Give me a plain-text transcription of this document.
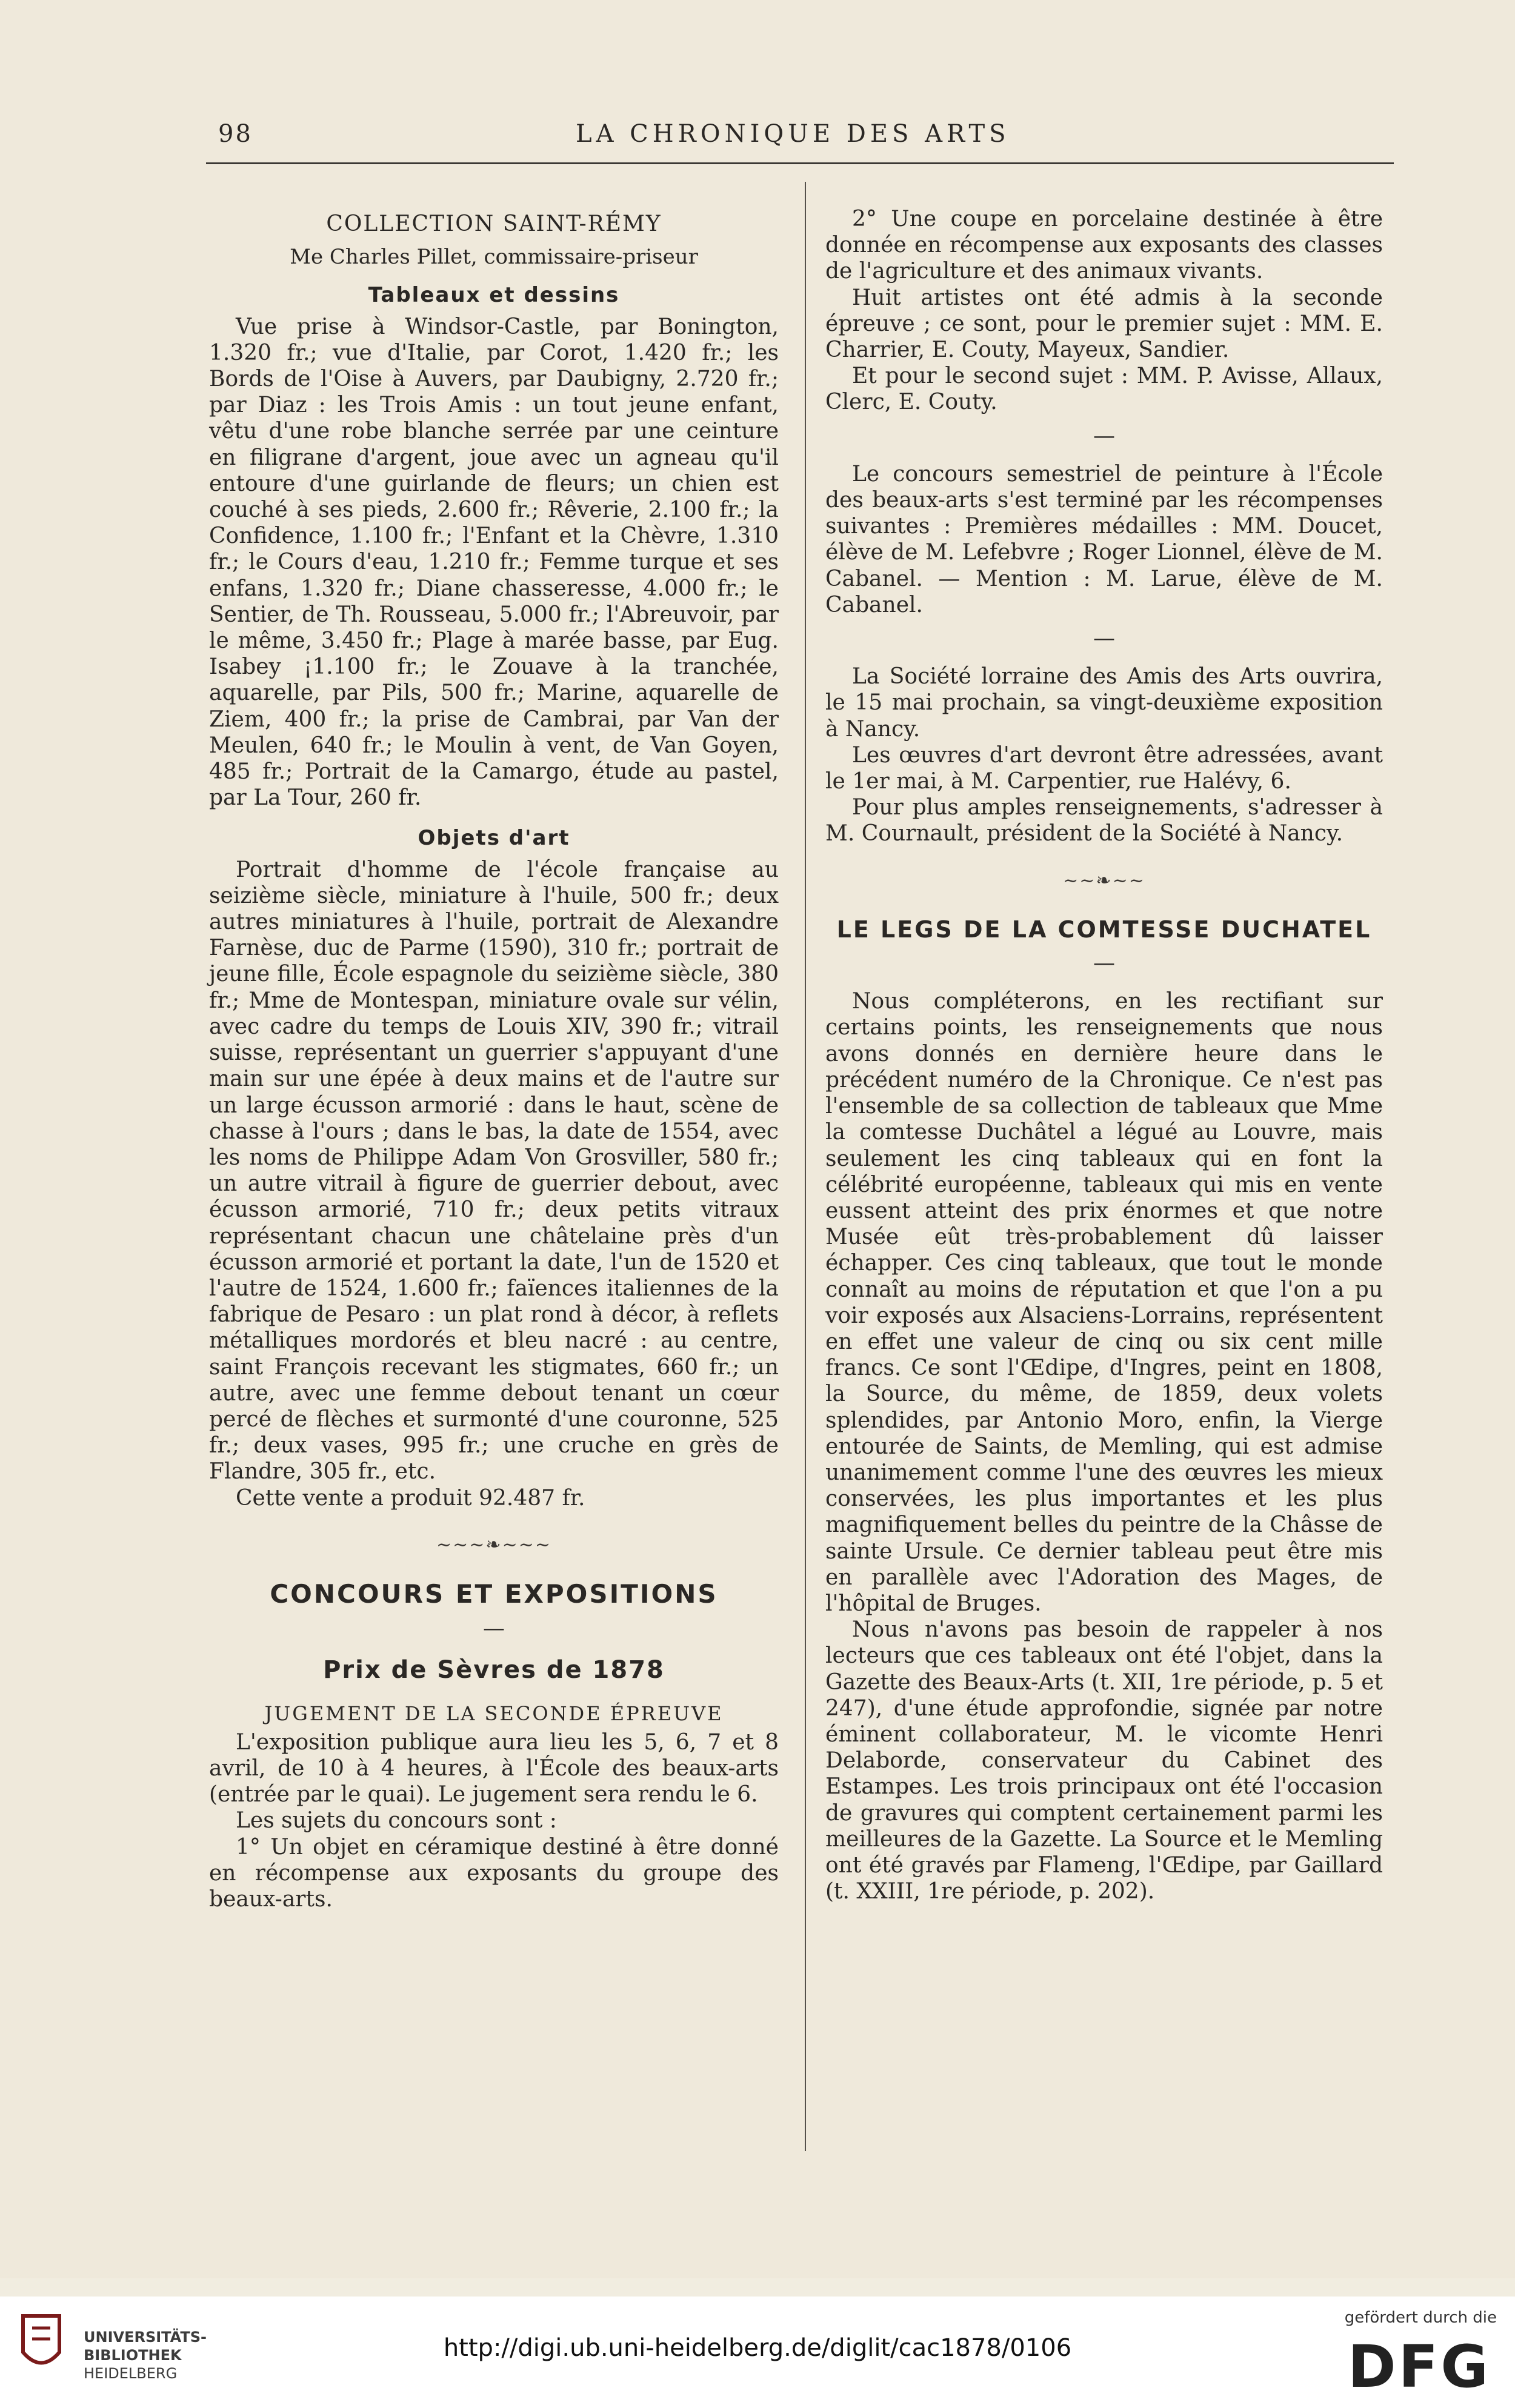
98	LA CHRONIQUE DES ARTS
COLLECTION SAINT-RÉMY
Me Charles Pillet, commissaire-priseur
Tableaux et dessins

Vue prise à Windsor-Castle, par Bonington, 1.320 fr.; vue d'Italie, par Corot, 1.420 fr.; les Bords de l'Oise à Auvers, par Daubigny, 2.720 fr.; par Diaz : les Trois Amis : un tout jeune enfant, vêtu d'une robe blanche serrée par une ceinture en filigrane d'argent, joue avec un agneau qu'il entoure d'une guirlande de fleurs; un chien est couché à ses pieds, 2.600 fr.; Rêverie, 2.100 fr.; la Confidence, 1.100 fr.; l'Enfant et la Chèvre, 1.310 fr.; le Cours d'eau, 1.210 fr.; Femme turque et ses enfans, 1.320 fr.; Diane chasseresse, 4.000 fr.; le Sentier, de Th. Rousseau, 5.000 fr.; l'Abreuvoir, par le même, 3.450 fr.; Plage à marée basse, par Eug. Isabey ¡1.100 fr.; le Zouave à la tranchée, aquarelle, par Pils, 500 fr.; Marine, aquarelle de Ziem, 400 fr.; la prise de Cambrai, par Van der Meulen, 640 fr.; le Moulin à vent, de Van Goyen, 485 fr.; Portrait de la Camargo, étude au pastel, par La Tour, 260 fr.

Objets d'art

Portrait d'homme de l'école française au seizième siècle, miniature à l'huile, 500 fr.; deux autres miniatures à l'huile, portrait de Alexandre Farnèse, duc de Parme (1590), 310 fr.; portrait de jeune fille, École espagnole du seizième siècle, 380 fr.; Mme de Montespan, miniature ovale sur vélin, avec cadre du temps de Louis XIV, 390 fr.; vitrail suisse, représentant un guerrier s'appuyant d'une main sur une épée à deux mains et de l'autre sur un large écusson armorié : dans le haut, scène de chasse à l'ours ; dans le bas, la date de 1554, avec les noms de Philippe Adam Von Grosviller, 580 fr.; un autre vitrail à figure de guerrier debout, avec écusson armorié, 710 fr.; deux petits vitraux représentant chacun une châtelaine près d'un écusson armorié et portant la date, l'un de 1520 et l'autre de 1524, 1.600 fr.; faïences italiennes de la fabrique de Pesaro : un plat rond à décor, à reflets métalliques mordorés et bleu nacré : au centre, saint François recevant les stigmates, 660 fr.; un autre, avec une femme debout tenant un cœur percé de flèches et surmonté d'une couronne, 525 fr.; deux vases, 995 fr.; une cruche en grès de Flandre, 305 fr., etc.

Cette vente a produit 92.487 fr.

~~~❧~~~
CONCOURS ET EXPOSITIONS
—
Prix de Sèvres de 1878
JUGEMENT DE LA SECONDE ÉPREUVE

L'exposition publique aura lieu les 5, 6, 7 et 8 avril, de 10 à 4 heures, à l'École des beaux-arts (entrée par le quai). Le jugement sera rendu le 6.

Les sujets du concours sont :

1° Un objet en céramique destiné à être donné en récompense aux exposants du groupe des beaux-arts.

2° Une coupe en porcelaine destinée à être donnée en récompense aux exposants des classes de l'agriculture et des animaux vivants.

Huit artistes ont été admis à la seconde épreuve ; ce sont, pour le premier sujet : MM. E. Charrier, E. Couty, Mayeux, Sandier.

Et pour le second sujet : MM. P. Avisse, Allaux, Clerc, E. Couty.

—

Le concours semestriel de peinture à l'École des beaux-arts s'est terminé par les récompenses suivantes : Premières médailles : MM. Doucet, élève de M. Lefebvre ; Roger Lionnel, élève de M. Cabanel. — Mention : M. Larue, élève de M. Cabanel.

—

La Société lorraine des Amis des Arts ouvrira, le 15 mai prochain, sa vingt-deuxième exposition à Nancy.

Les œuvres d'art devront être adressées, avant le 1er mai, à M. Carpentier, rue Halévy, 6.

Pour plus amples renseignements, s'adresser à M. Cournault, président de la Société à Nancy.

~~❧~~
LE LEGS DE LA COMTESSE DUCHATEL
—

Nous compléterons, en les rectifiant sur certains points, les renseignements que nous avons donnés en dernière heure dans le précédent numéro de la Chronique. Ce n'est pas l'ensemble de sa collection de tableaux que Mme la comtesse Duchâtel a légué au Louvre, mais seulement les cinq tableaux qui en font la célébrité européenne, tableaux qui mis en vente eussent atteint des prix énormes et que notre Musée eût très-probablement dû laisser échapper. Ces cinq tableaux, que tout le monde connaît au moins de réputation et que l'on a pu voir exposés aux Alsaciens-Lorrains, représentent en effet une valeur de cinq ou six cent mille francs. Ce sont l'Œdipe, d'Ingres, peint en 1808, la Source, du même, de 1859, deux volets splendides, par Antonio Moro, enfin, la Vierge entourée de Saints, de Memling, qui est admise unanimement comme l'une des œuvres les mieux conservées, les plus importantes et les plus magnifiquement belles du peintre de la Châsse de sainte Ursule. Ce dernier tableau peut être mis en parallèle avec l'Adoration des Mages, de l'hôpital de Bruges.

Nous n'avons pas besoin de rappeler à nos lecteurs que ces tableaux ont été l'objet, dans la Gazette des Beaux-Arts (t. XII, 1re période, p. 5 et 247), d'une étude approfondie, signée par notre éminent collaborateur, M. le vicomte Henri Delaborde, conservateur du Cabinet des Estampes. Les trois principaux ont été l'occasion de gravures qui comptent certainement parmi les meilleures de la Gazette. La Source et le Memling ont été gravés par Flameng, l'Œdipe, par Gaillard (t. XXIII, 1re période, p. 202).

UNIVERSITÄTS-
BIBLIOTHEK
HEIDELBERG
http://digi.ub.uni-heidelberg.de/diglit/cac1878/0106
gefördert durch die
DFG
